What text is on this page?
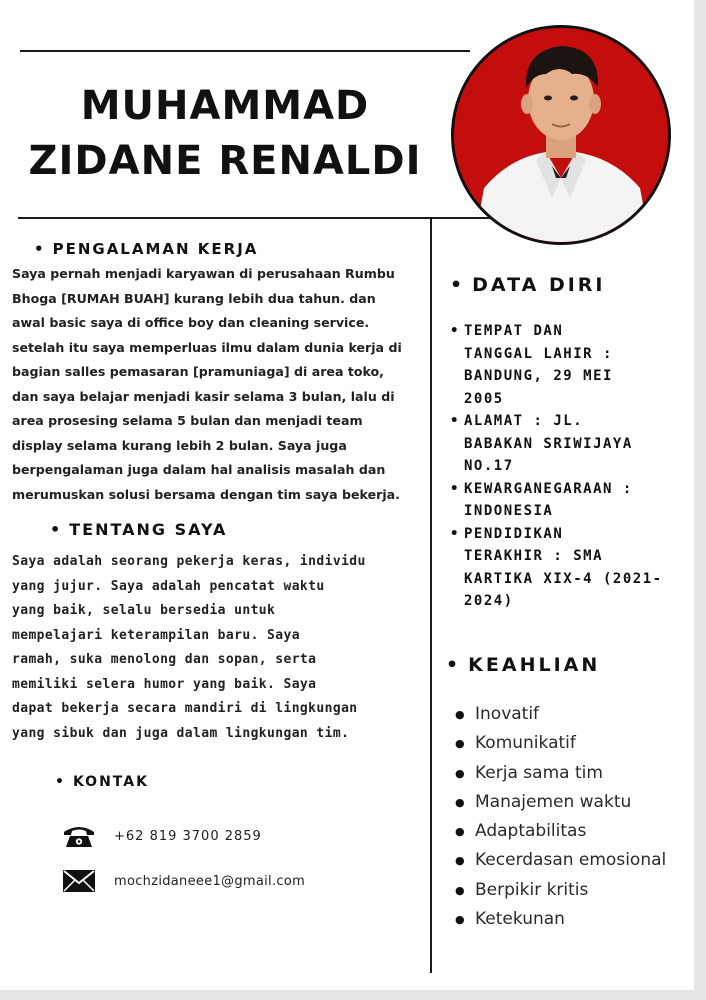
MUHAMMAD
ZIDANE RENALDI
• PENGALAMAN KERJA
Saya pernah menjadi karyawan di perusahaan Rumbu
Bhoga [RUMAH BUAH] kurang lebih dua tahun. dan
awal basic saya di office boy dan cleaning service.
setelah itu saya memperluas ilmu dalam dunia kerja di
bagian salles pemasaran [pramuniaga] di area toko,
dan saya belajar menjadi kasir selama 3 bulan, lalu di
area prosesing selama 5 bulan dan menjadi team
display selama kurang lebih 2 bulan. Saya juga
berpengalaman juga dalam hal analisis masalah dan
merumuskan solusi bersama dengan tim saya bekerja.
• TENTANG SAYA
Saya adalah seorang pekerja keras, individu
yang jujur. Saya adalah pencatat waktu
yang baik, selalu bersedia untuk
mempelajari keterampilan baru. Saya
ramah, suka menolong dan sopan, serta
memiliki selera humor yang baik. Saya
dapat bekerja secara mandiri di lingkungan
yang sibuk dan juga dalam lingkungan tim.
• KONTAK
+62 819 3700 2859
mochzidaneee1@gmail.com
• DATA DIRI
• TEMPAT DAN
TANGGAL LAHIR :
BANDUNG, 29 MEI
2005
• ALAMAT : JL.
BABAKAN SRIWIJAYA
NO.17
• KEWARGANEGARAAN :
INDONESIA
• PENDIDIKAN
TERAKHIR : SMA
KARTIKA XIX-4 (2021-
2024)
• KEAHLIAN
● Inovatif
● Komunikatif
● Kerja sama tim
● Manajemen waktu
● Adaptabilitas
● Kecerdasan emosional
● Berpikir kritis
● Ketekunan
